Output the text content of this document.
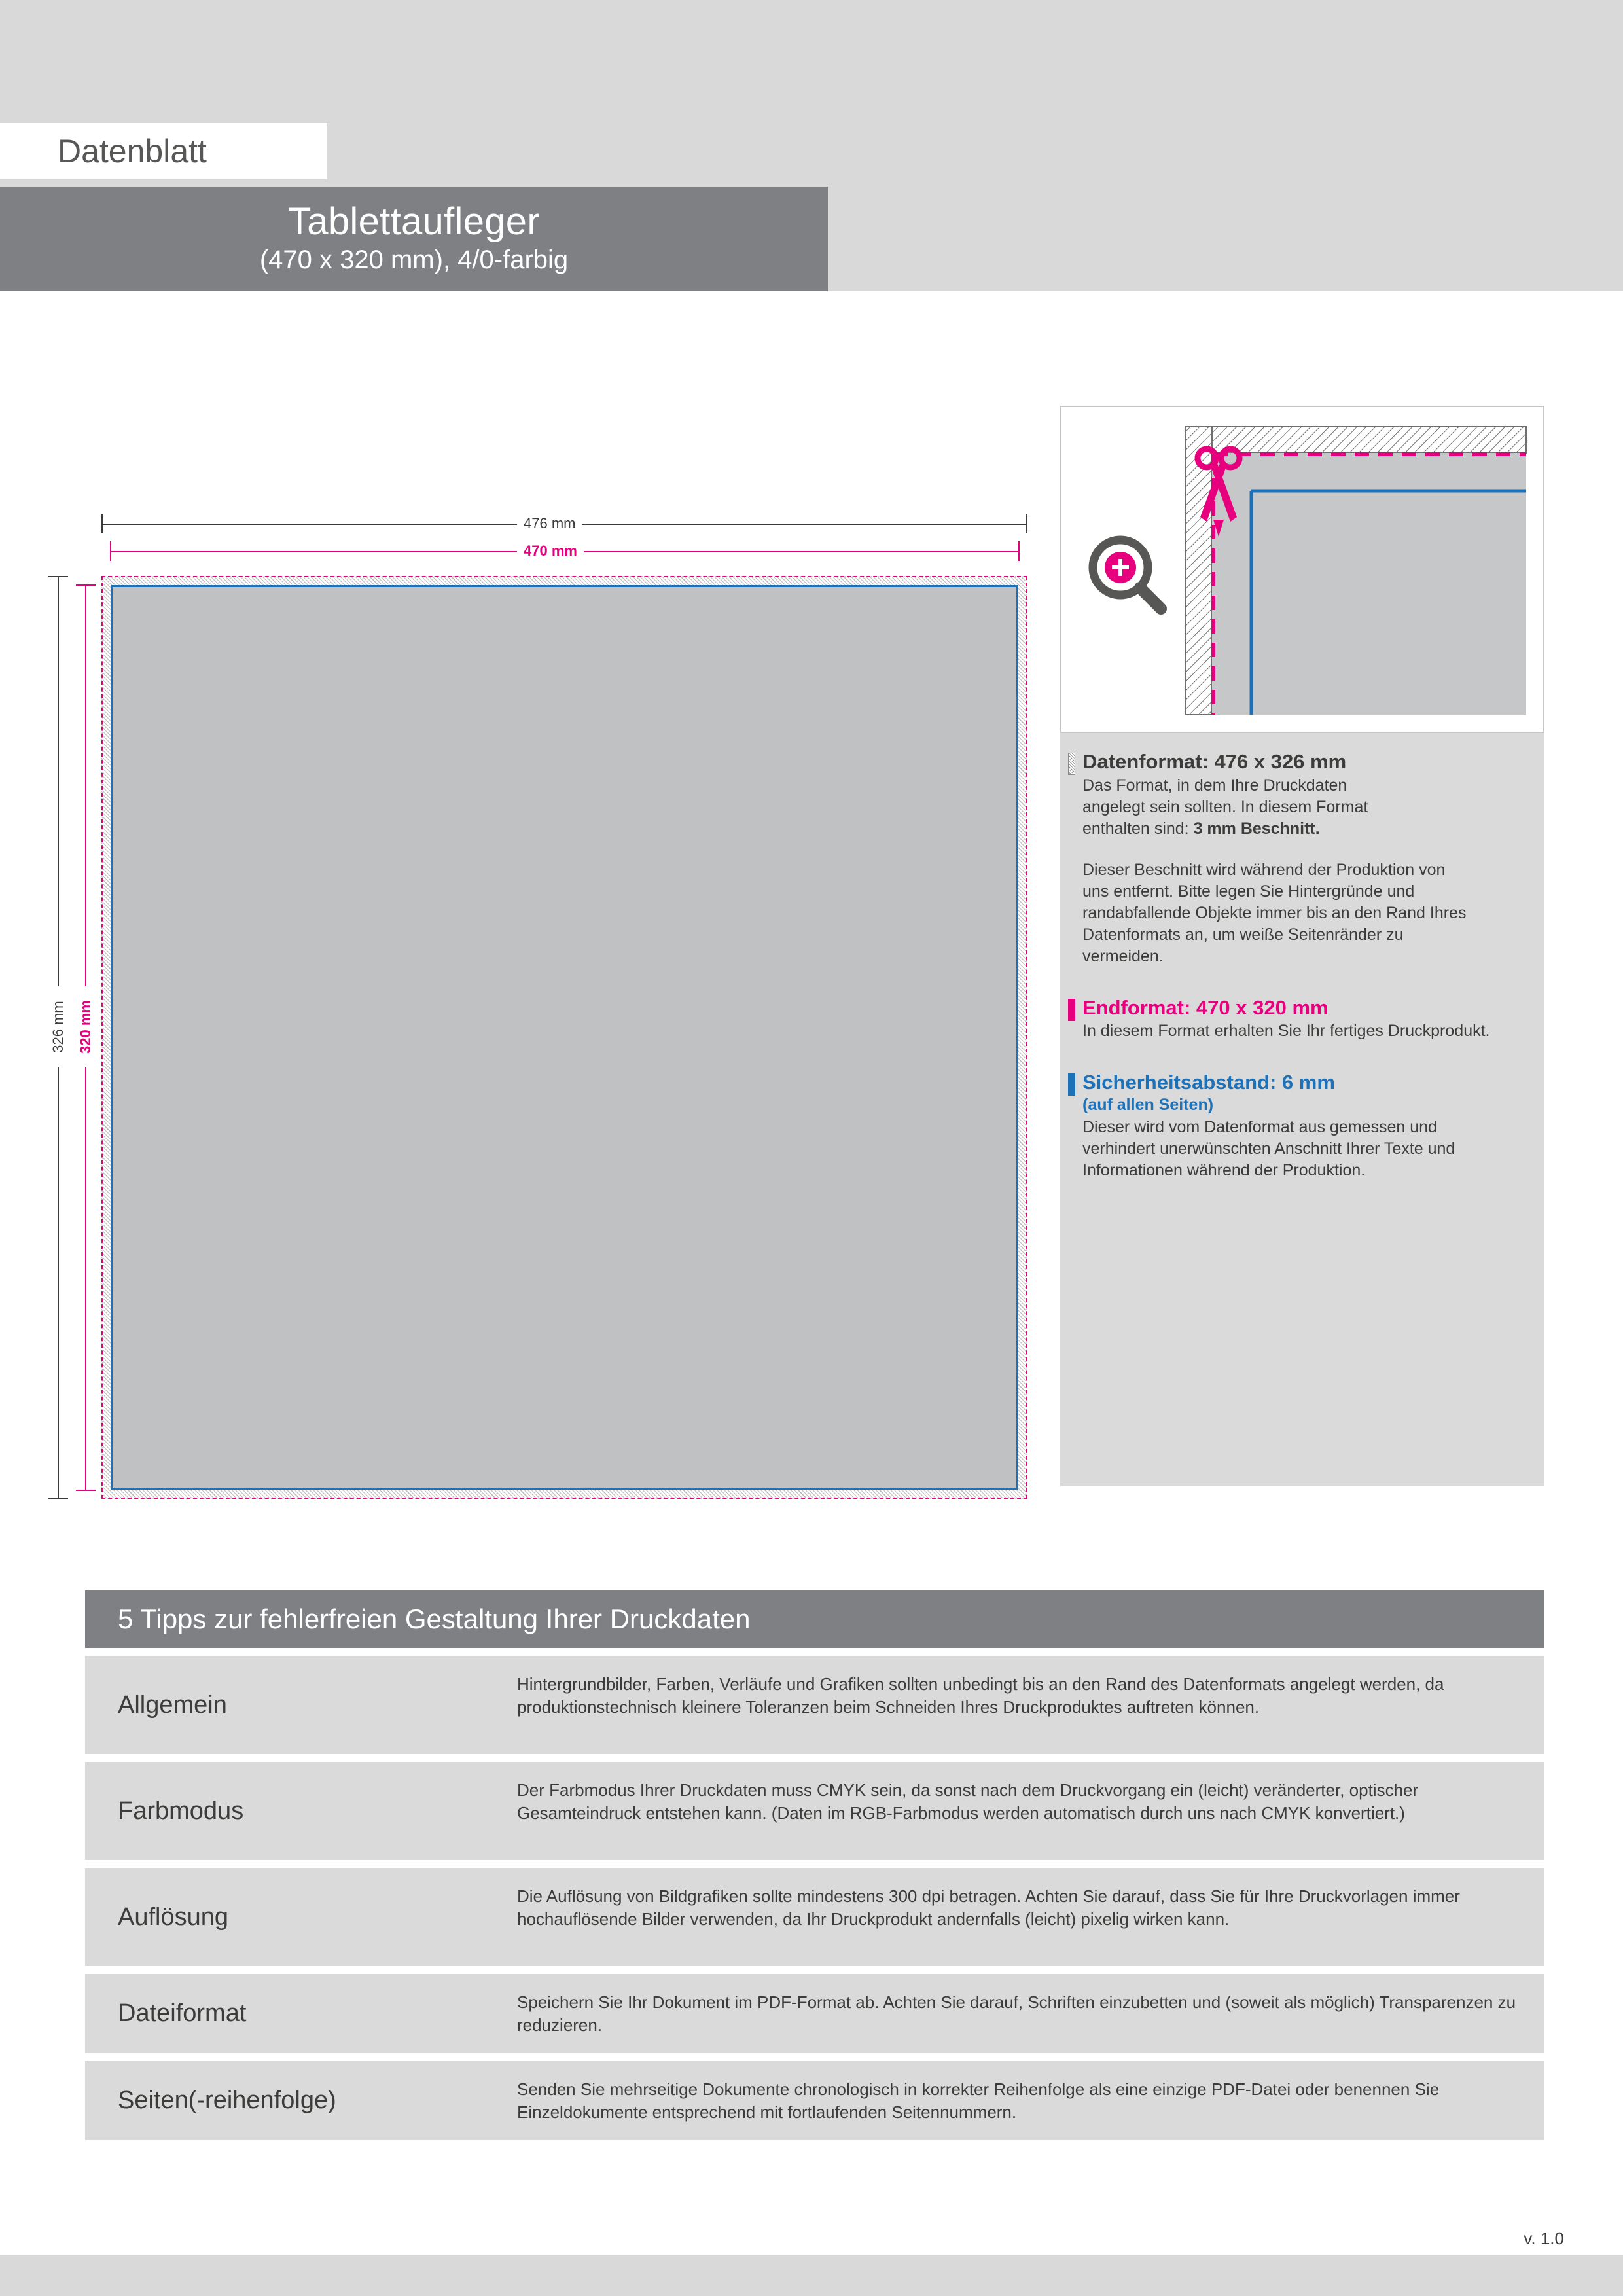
Tablettaufleger
(470 x 320 mm), 4/0-farbig
Datenblatt
476 mm
470 mm
326 mm 320 mm
Datenformat: 476 x 326 mm
Das Format, in dem Ihre Druckdaten
angelegt sein sollten. In diesem Format
enthalten sind: 3 mm Beschnitt.
Dieser Beschnitt wird während der Produktion von uns entfernt. Bitte legen Sie Hintergründe und randabfallende Objekte immer bis an den Rand Ihres Datenformats an, um weiße Seitenränder zu vermeiden.
Endformat: 470 x 320 mm
In diesem Format erhalten Sie Ihr fertiges Druckprodukt.
Sicherheitsabstand: 6 mm
(auf allen Seiten)
Dieser wird vom Datenformat aus gemessen und verhindert unerwünschten Anschnitt Ihrer Texte und Informationen während der Produktion.
5 Tipps zur fehlerfreien Gestaltung Ihrer Druckdaten
Allgemein
Hintergrundbilder, Farben, Verläufe und Grafiken sollten unbedingt bis an den Rand des Datenformats angelegt werden, da produktionstechnisch kleinere Toleranzen beim Schneiden Ihres Druckproduktes auftreten können.
Farbmodus
Der Farbmodus Ihrer Druckdaten muss CMYK sein, da sonst nach dem Druckvorgang ein (leicht) veränderter, optischer Gesamteindruck entstehen kann. (Daten im RGB-Farbmodus werden automatisch durch uns nach CMYK konvertiert.)
Auflösung
Die Auflösung von Bildgrafiken sollte mindestens 300 dpi betragen. Achten Sie darauf, dass Sie für Ihre Druckvorlagen immer hochauflösende Bilder verwenden, da Ihr Druckprodukt andernfalls (leicht) pixelig wirken kann.
Dateiformat	Speichern Sie Ihr Dokument im PDF-Format ab. Achten Sie darauf, Schriften einzubetten und (soweit als möglich) Transparenzen zu reduzieren.
Seiten(-reihenfolge)	Senden Sie mehrseitige Dokumente chronologisch in korrekter Reihenfolge als eine einzige PDF-Datei oder benennen Sie Einzeldokumente entsprechend mit fortlaufenden Seitennummern.
v. 1.0
